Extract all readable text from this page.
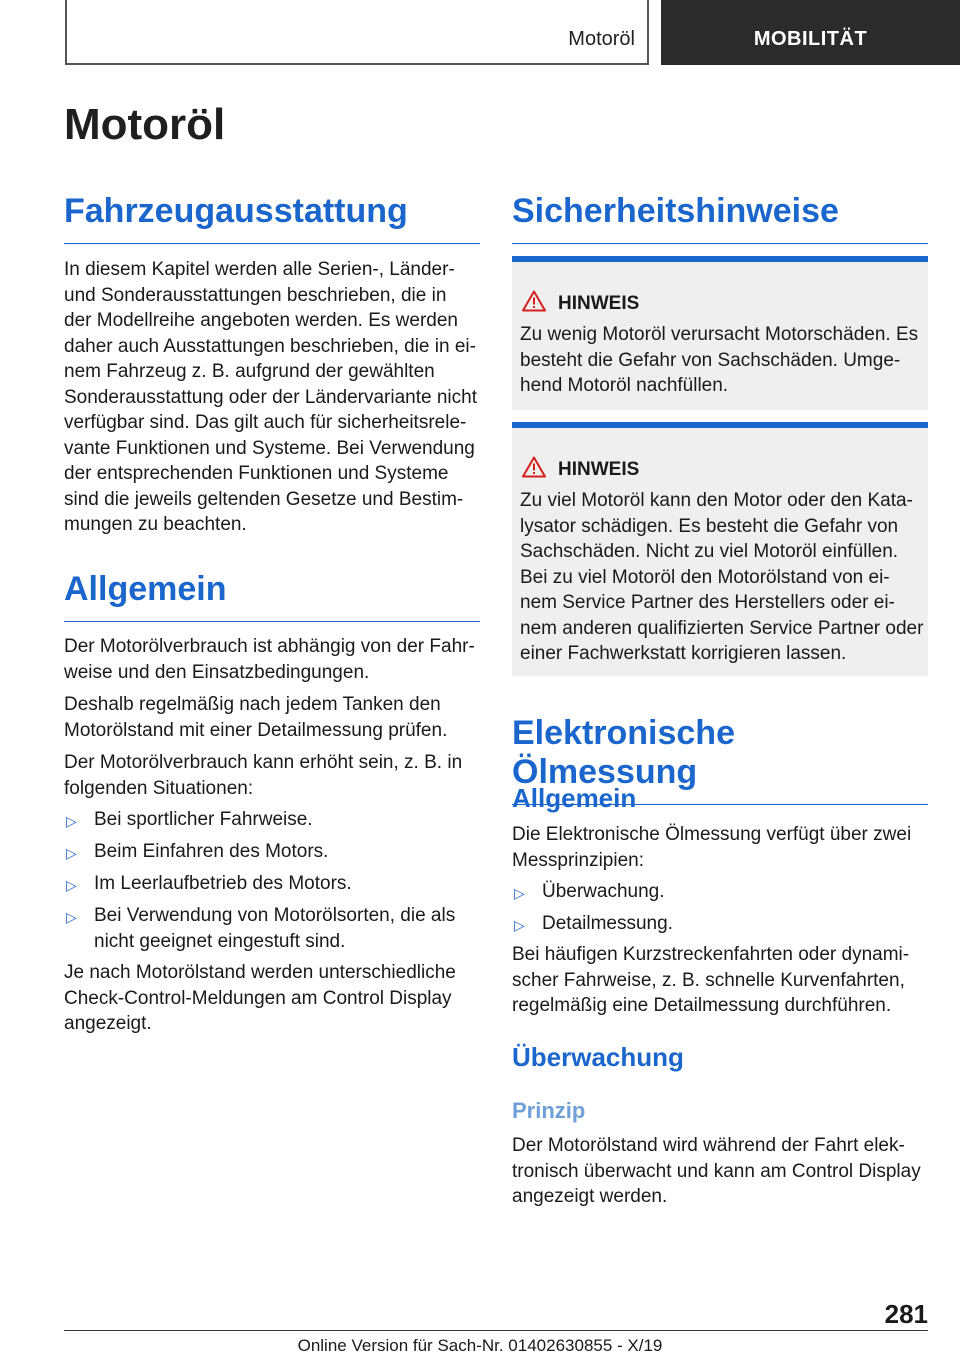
Motoröl	MOBILITÄT
Motoröl
Fahrzeugausstattung
In diesem Kapitel werden alle Serien-, Länder-
und Sonderausstattungen beschrieben, die in
der Modellreihe angeboten werden. Es werden
daher auch Ausstattungen beschrieben, die in ei-
nem Fahrzeug z. B. aufgrund der gewählten
Sonderausstattung oder der Ländervariante nicht
verfügbar sind. Das gilt auch für sicherheitsrele-
vante Funktionen und Systeme. Bei Verwendung
der entsprechenden Funktionen und Systeme
sind die jeweils geltenden Gesetze und Bestim-
mungen zu beachten.
Allgemein
Der Motorölverbrauch ist abhängig von der Fahr-
weise und den Einsatzbedingungen.
Deshalb regelmäßig nach jedem Tanken den
Motorölstand mit einer Detailmessung prüfen.
Der Motorölverbrauch kann erhöht sein, z. B. in
folgenden Situationen:
▷ Bei sportlicher Fahrweise.
▷ Beim Einfahren des Motors.
▷ Im Leerlaufbetrieb des Motors.
▷ Bei Verwendung von Motorölsorten, die als
nicht geeignet eingestuft sind.
Je nach Motorölstand werden unterschiedliche
Check-Control-Meldungen am Control Display
angezeigt.
Sicherheitshinweise
HINWEIS
Zu wenig Motoröl verursacht Motorschäden. Es
besteht die Gefahr von Sachschäden. Umge-
hend Motoröl nachfüllen.
HINWEIS
Zu viel Motoröl kann den Motor oder den Kata-
lysator schädigen. Es besteht die Gefahr von
Sachschäden. Nicht zu viel Motoröl einfüllen.
Bei zu viel Motoröl den Motorölstand von ei-
nem Service Partner des Herstellers oder ei-
nem anderen qualifizierten Service Partner oder
einer Fachwerkstatt korrigieren lassen.
Elektronische Ölmessung
Allgemein
Die Elektronische Ölmessung verfügt über zwei
Messprinzipien:
▷ Überwachung.
▷ Detailmessung.
Bei häufigen Kurzstreckenfahrten oder dynami-
scher Fahrweise, z. B. schnelle Kurvenfahrten,
regelmäßig eine Detailmessung durchführen.
Überwachung
Prinzip
Der Motorölstand wird während der Fahrt elek-
tronisch überwacht und kann am Control Display
angezeigt werden.
281
Online Version für Sach-Nr. 01402630855 - X/19
